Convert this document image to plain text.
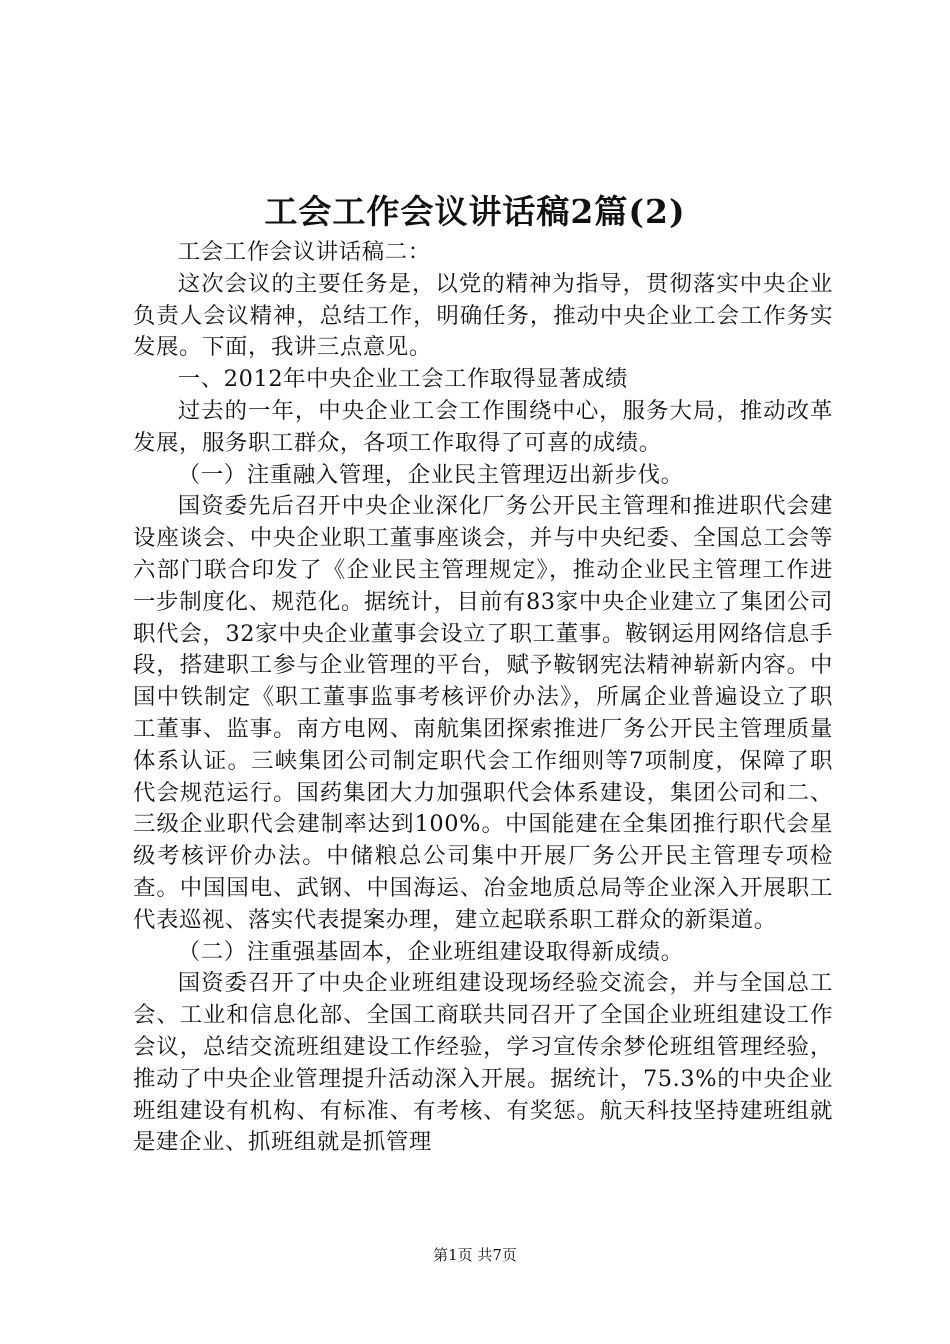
工会工作会议讲话稿2篇(2)

工会工作会议讲话稿二：

这次会议的主要任务是，以党的精神为指导，贯彻落实中央企业负责人会议精神，总结工作，明确任务，推动中央企业工会工作务实发展。下面，我讲三点意见。

一、2012年中央企业工会工作取得显著成绩

过去的一年，中央企业工会工作围绕中心，服务大局，推动改革发展，服务职工群众，各项工作取得了可喜的成绩。

（一）注重融入管理，企业民主管理迈出新步伐。

国资委先后召开中央企业深化厂务公开民主管理和推进职代会建设座谈会、中央企业职工董事座谈会，并与中央纪委、全国总工会等六部门联合印发了《企业民主管理规定》，推动企业民主管理工作进一步制度化、规范化。据统计，目前有83家中央企业建立了集团公司职代会，32家中央企业董事会设立了职工董事。鞍钢运用网络信息手段，搭建职工参与企业管理的平台，赋予鞍钢宪法精神崭新内容。中国中铁制定《职工董事监事考核评价办法》，所属企业普遍设立了职工董事、监事。南方电网、南航集团探索推进厂务公开民主管理质量体系认证。三峡集团公司制定职代会工作细则等7项制度，保障了职代会规范运行。国药集团大力加强职代会体系建设，集团公司和二、三级企业职代会建制率达到100%。中国能建在全集团推行职代会星级考核评价办法。中储粮总公司集中开展厂务公开民主管理专项检查。中国国电、武钢、中国海运、冶金地质总局等企业深入开展职工代表巡视、落实代表提案办理，建立起联系职工群众的新渠道。

（二）注重强基固本，企业班组建设取得新成绩。

国资委召开了中央企业班组建设现场经验交流会，并与全国总工会、工业和信息化部、全国工商联共同召开了全国企业班组建设工作会议，总结交流班组建设工作经验，学习宣传余梦伦班组管理经验，推动了中央企业管理提升活动深入开展。据统计，75.3%的中央企业班组建设有机构、有标准、有考核、有奖惩。航天科技坚持建班组就是建企业、抓班组就是抓管理

第1页 共7页
